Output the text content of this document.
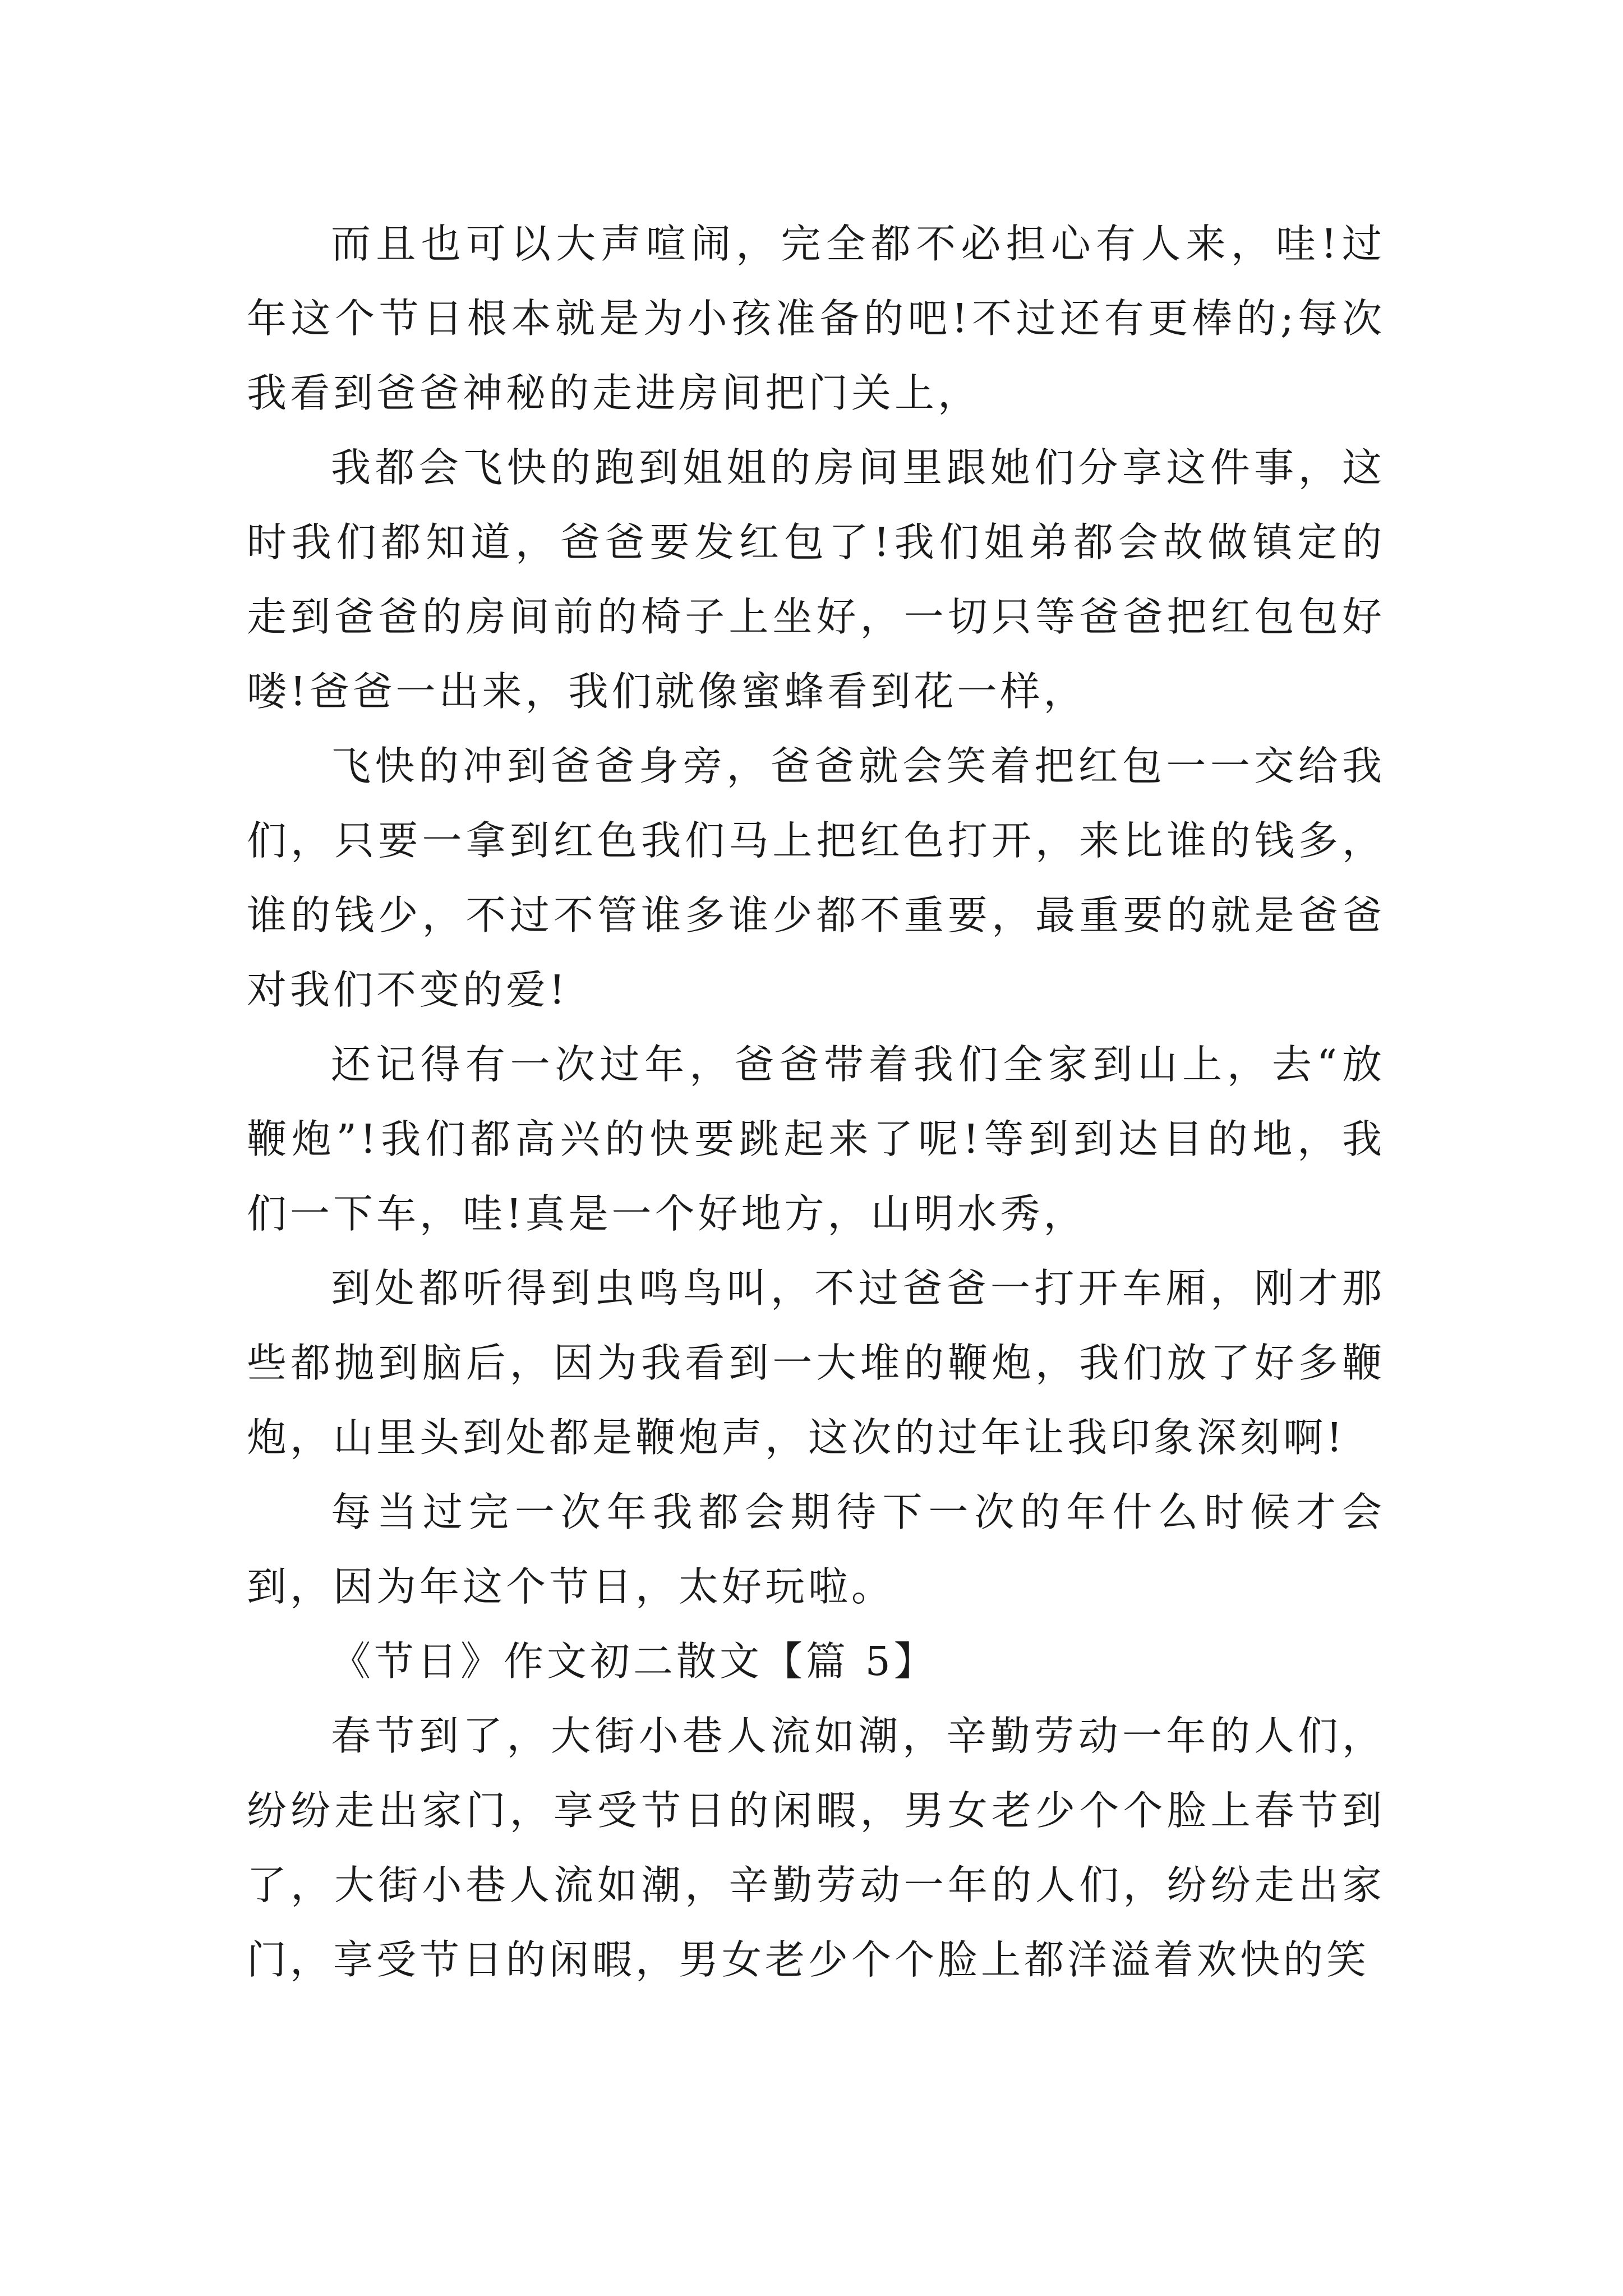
而且也可以大声喧闹，完全都不必担心有人来，哇!过年这个节日根本就是为小孩准备的吧!不过还有更棒的;每次我看到爸爸神秘的走进房间把门关上，

我都会飞快的跑到姐姐的房间里跟她们分享这件事，这时我们都知道，爸爸要发红包了!我们姐弟都会故做镇定的走到爸爸的房间前的椅子上坐好，一切只等爸爸把红包包好喽!爸爸一出来，我们就像蜜蜂看到花一样，

飞快的冲到爸爸身旁，爸爸就会笑着把红包一一交给我们，只要一拿到红色我们马上把红色打开，来比谁的钱多，谁的钱少，不过不管谁多谁少都不重要，最重要的就是爸爸对我们不变的爱!

还记得有一次过年，爸爸带着我们全家到山上，去“放鞭炮”!我们都高兴的快要跳起来了呢!等到到达目的地，我们一下车，哇!真是一个好地方，山明水秀，

到处都听得到虫鸣鸟叫，不过爸爸一打开车厢，刚才那些都抛到脑后，因为我看到一大堆的鞭炮，我们放了好多鞭炮，山里头到处都是鞭炮声，这次的过年让我印象深刻啊!

每当过完一次年我都会期待下一次的年什么时候才会到，因为年这个节日，太好玩啦。

《节日》作文初二散文【篇 5】

春节到了，大街小巷人流如潮，辛勤劳动一年的人们，纷纷走出家门，享受节日的闲暇，男女老少个个脸上春节到了，大街小巷人流如潮，辛勤劳动一年的人们，纷纷走出家门，享受节日的闲暇，男女老少个个脸上都洋溢着欢快的笑
